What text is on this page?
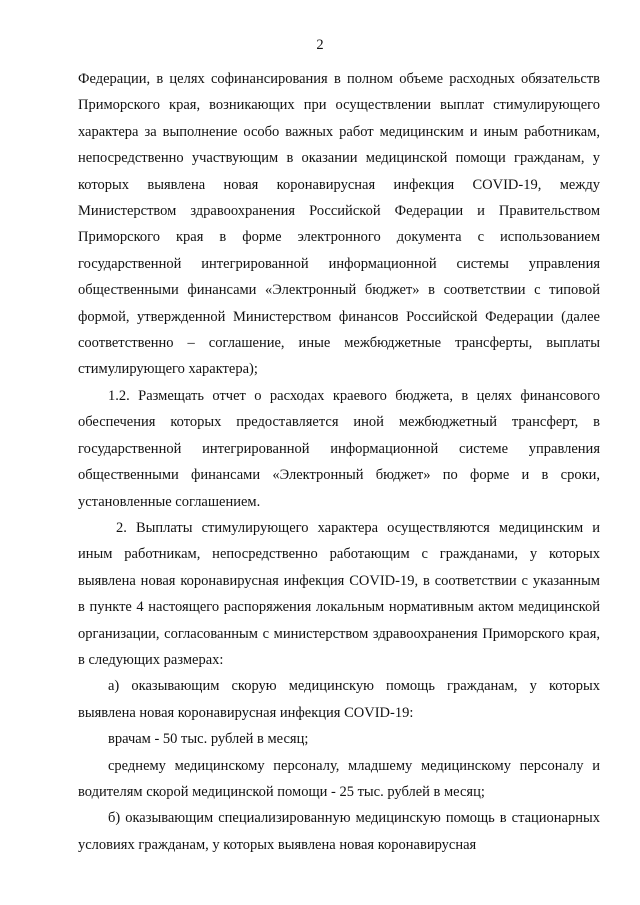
2

Федерации, в целях софинансирования в полном объеме расходных обязательств Приморского края, возникающих при осуществлении выплат стимулирующего характера за выполнение особо важных работ медицинским и иным работникам, непосредственно участвующим в оказании медицинской помощи гражданам, у которых выявлена новая коронавирусная инфекция COVID-19, между Министерством здравоохранения Российской Федерации и Правительством Приморского края в форме электронного документа с использованием государственной интегрированной информационной системы управления общественными финансами «Электронный бюджет» в соответствии с типовой формой, утвержденной Министерством финансов Российской Федерации (далее соответственно – соглашение, иные межбюджетные трансферты, выплаты стимулирующего характера);

1.2. Размещать отчет о расходах краевого бюджета, в целях финансового обеспечения которых предоставляется иной межбюджетный трансферт, в государственной интегрированной информационной системе управления общественными финансами «Электронный бюджет» по форме и в сроки, установленные соглашением.

2. Выплаты стимулирующего характера осуществляются медицинским и иным работникам, непосредственно работающим с гражданами, у которых выявлена новая коронавирусная инфекция COVID-19, в соответствии с указанным в пункте 4 настоящего распоряжения локальным нормативным актом медицинской организации, согласованным с министерством здравоохранения Приморского края, в следующих размерах:

а) оказывающим скорую медицинскую помощь гражданам, у которых выявлена новая коронавирусная инфекция COVID-19:

врачам - 50 тыс. рублей в месяц;

среднему медицинскому персоналу, младшему медицинскому персоналу и водителям скорой медицинской помощи - 25 тыс. рублей в месяц;

б) оказывающим специализированную медицинскую помощь в стационарных условиях гражданам, у которых выявлена новая коронавирусная
